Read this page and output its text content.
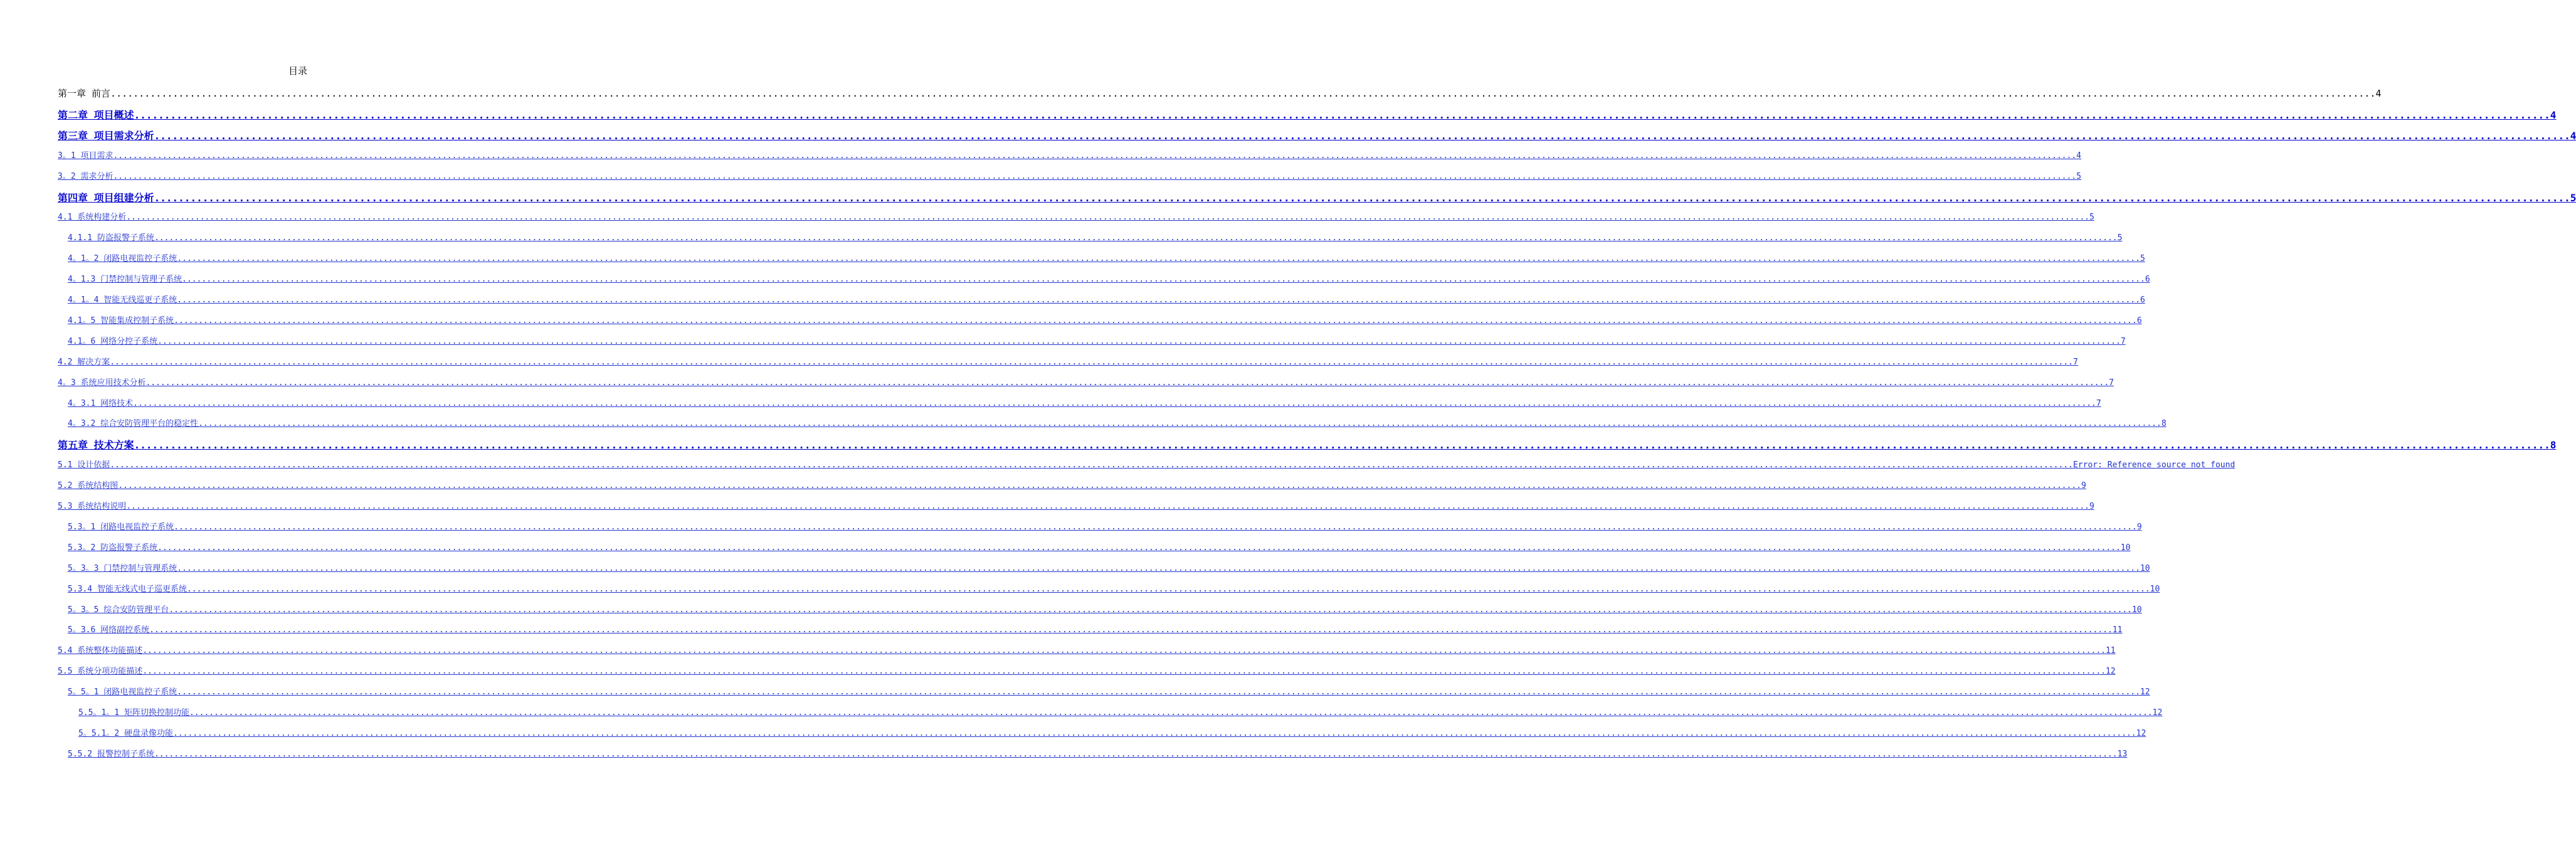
目录
第一章 前言 ................................................................................................................................................................................................................................................................................................................................................................................................................ 4
第二章 项目概述 ................................................................................................................................................................................................................................................................................................................................................................................................................ 4
第三章 项目需求分析 ................................................................................................................................................................................................................................................................................................................................................................................................................ 4
3。1 项目需求 ................................................................................................................................................................................................................................................................................................................................................................................................................ 4
3。2 需求分析 ................................................................................................................................................................................................................................................................................................................................................................................................................ 5
第四章 项目组建分析 ................................................................................................................................................................................................................................................................................................................................................................................................................ 5
4.1 系统构建分析 ................................................................................................................................................................................................................................................................................................................................................................................................................ 5
4.1.1 防盗报警子系统 ................................................................................................................................................................................................................................................................................................................................................................................................................ 5
4。1。2 闭路电视监控子系统 ................................................................................................................................................................................................................................................................................................................................................................................................................ 5
4。1.3 门禁控制与管理子系统 ................................................................................................................................................................................................................................................................................................................................................................................................................ 6
4。1。4 智能无线巡更子系统 ................................................................................................................................................................................................................................................................................................................................................................................................................ 6
4.1。5 智能集成控制子系统 ................................................................................................................................................................................................................................................................................................................................................................................................................ 6
4.1。6 网络分控子系统 ................................................................................................................................................................................................................................................................................................................................................................................................................ 7
4.2 解决方案 ................................................................................................................................................................................................................................................................................................................................................................................................................ 7
4。3 系统应用技术分析 ................................................................................................................................................................................................................................................................................................................................................................................................................ 7
4。3.1 网络技术 ................................................................................................................................................................................................................................................................................................................................................................................................................ 7
4。3.2 综合安防管理平台的稳定性 ................................................................................................................................................................................................................................................................................................................................................................................................................ 8
第五章 技术方案 ................................................................................................................................................................................................................................................................................................................................................................................................................ 8
5.1 设计依据 ................................................................................................................................................................................................................................................................................................................................................................................................................ Error: Reference source not found
5.2 系统结构图 ................................................................................................................................................................................................................................................................................................................................................................................................................ 9
5.3 系统结构说明 ................................................................................................................................................................................................................................................................................................................................................................................................................ 9
5.3。1 闭路电视监控子系统 ................................................................................................................................................................................................................................................................................................................................................................................................................ 9
5.3。2 防盗报警子系统 ................................................................................................................................................................................................................................................................................................................................................................................................................ 10
5。3。3 门禁控制与管理系统 ................................................................................................................................................................................................................................................................................................................................................................................................................ 10
5.3.4 智能无线式电子巡更系统 ................................................................................................................................................................................................................................................................................................................................................................................................................ 10
5。3。5 综合安防管理平台 ................................................................................................................................................................................................................................................................................................................................................................................................................ 10
5。3.6 网络副控系统 ................................................................................................................................................................................................................................................................................................................................................................................................................ 11
5.4 系统整体功能描述 ................................................................................................................................................................................................................................................................................................................................................................................................................ 11
5.5 系统分项功能描述 ................................................................................................................................................................................................................................................................................................................................................................................................................ 12
5。5。1 闭路电视监控子系统 ................................................................................................................................................................................................................................................................................................................................................................................................................ 12
5.5。1。1 矩阵切换控制功能 ................................................................................................................................................................................................................................................................................................................................................................................................................ 12
5。5.1。2 硬盘录像功能 ................................................................................................................................................................................................................................................................................................................................................................................................................ 12
5.5.2 报警控制子系统 ................................................................................................................................................................................................................................................................................................................................................................................................................ 13
